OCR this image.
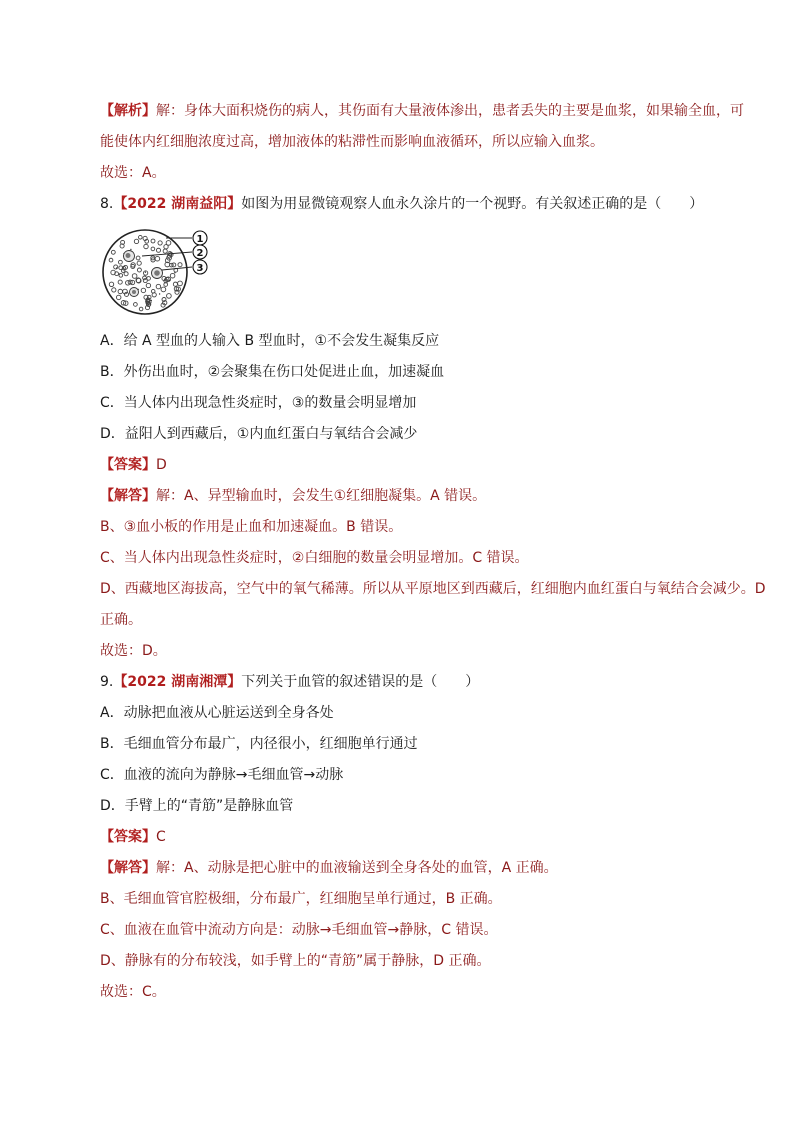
【解析】解：身体大面积烧伤的病人，其伤面有大量液体渗出，患者丢失的主要是血浆，如果输全血，可
能使体内红细胞浓度过高，增加液体的粘滞性而影响血液循环，所以应输入血浆。
故选：A。
8.【2022 湖南益阳】如图为用显微镜观察人血永久涂片的一个视野。有关叙述正确的是（　　）
1
2
3
A．给 A 型血的人输入 B 型血时，①不会发生凝集反应
B．外伤出血时，②会聚集在伤口处促进止血，加速凝血
C．当人体内出现急性炎症时，③的数量会明显增加
D．益阳人到西藏后，①内血红蛋白与氧结合会减少
【答案】D
【解答】解：A、异型输血时，会发生①红细胞凝集。A 错误。
B、③血小板的作用是止血和加速凝血。B 错误。
C、当人体内出现急性炎症时，②白细胞的数量会明显增加。C 错误。
D、西藏地区海拔高，空气中的氧气稀薄。所以从平原地区到西藏后，红细胞内血红蛋白与氧结合会减少。D
正确。
故选：D。
9.【2022 湖南湘潭】下列关于血管的叙述错误的是（　　）
A．动脉把血液从心脏运送到全身各处
B．毛细血管分布最广，内径很小，红细胞单行通过
C．血液的流向为静脉→毛细血管→动脉
D．手臂上的“青筋”是静脉血管
【答案】C
【解答】解：A、动脉是把心脏中的血液输送到全身各处的血管，A 正确。
B、毛细血管官腔极细，分布最广，红细胞呈单行通过，B 正确。
C、血液在血管中流动方向是：动脉→毛细血管→静脉，C 错误。
D、静脉有的分布较浅，如手臂上的“青筋”属于静脉，D 正确。
故选：C。
